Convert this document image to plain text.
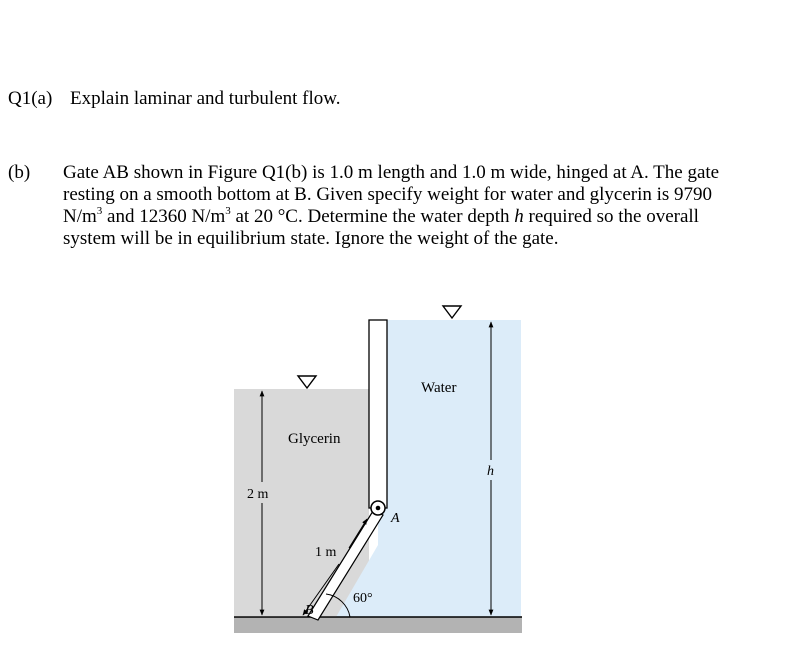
Q1(a) Explain laminar and turbulent flow.
(b) Gate AB shown in Figure Q1(b) is 1.0 m length and 1.0 m wide, hinged at A. The gate
resting on a smooth bottom at B. Given specify weight for water and glycerin is 9790
$N/m^3$ and 12360 $N/m^3$ at 20 °C. Determine the water depth h required so the overall
system will be in equilibrium state. Ignore the weight of the gate.
Glycerin
Water
2 m
h
1 m
60°
A
B
